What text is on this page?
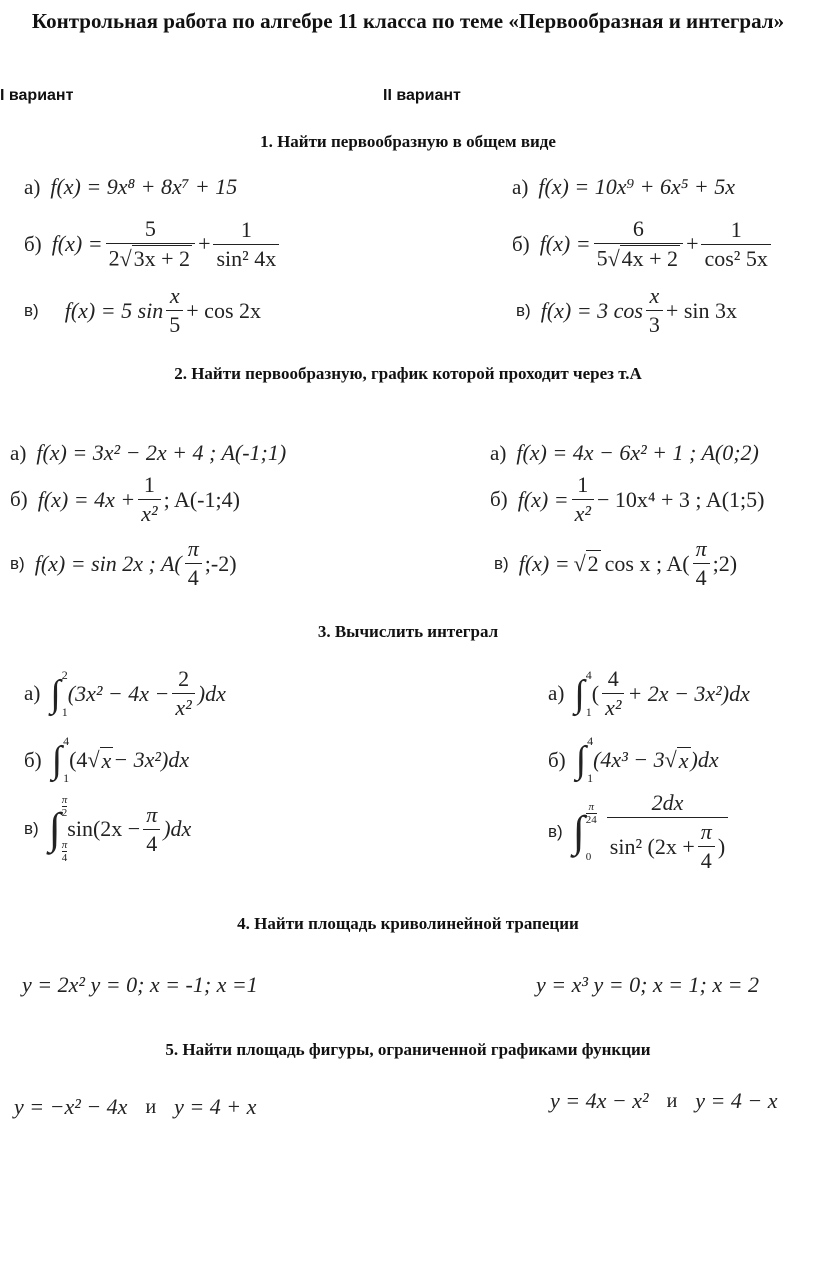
Контрольная работа по алгебре 11 класса по теме «Первообразная и интеграл»
I вариант	II вариант
1. Найти первообразную в общем виде
а) f(x) = 9x⁸ + 8x⁷ + 15
б) $f(x) = \frac{5}{2√ 3x + 2} + \frac{1}{\text{sin² 4x}}$
в) f(x) = 5 $\sin \frac{x}{5} + \cos 2x$
а) f(x) = 10x⁹ + 6x⁵ + 5x
б) $f(x) = \frac{6}{5√ 4x + 2} + \frac{1}{\text{cos² 5x}}$
в) f(x) = 3 $\cos \frac{x}{3} + \sin 3x$
2. Найти первообразную, график которой проходит через т.А
а) f(x) = 3x² − 2x + 4 ; A(-1;1)
б) $f(x) = 4x + \frac{1}{\text{x²}}$ ; A(-1;4)
в) f(x) = sin 2x ; $A( \frac{\pi}{4}$ ;-2)
а) f(x) = 4x − 6x² + 1 ; A(0;2)
б) $f(x) = \frac{1}{\text{x²}} - 10x^4 + 3$ ; A(1;5)
в) f(x) = √ 2 cos x ; $A( \frac{\pi}{4}$ ;2)
3. Вычислить интеграл
а) ∫ 2
1
$(3x^2 - 4x - \frac{2}{\text{x²}} )dx$
б) ∫ 4
1
(4 √ x − 3x²)dx
в) ∫ $\frac{\pi}{2}$
$\frac{\pi}{4}$
$\sin(2x - \frac{\pi}{4} )dx$
а) ∫ 4
1
( $\frac{4}{\text{x²}} + 2x - 3x^2)dx$
б) ∫ 4
1
(4x³ − 3 √ x )dx
в) ∫ $\frac{\pi}{24}$
$0 \frac{2dx}{\sin^2 (2x + \frac{\pi}{4} )}$
4. Найти площадь криволинейной трапеции
y = 2x² y = 0; x = -1; x =1	y = x³ y = 0; x = 1; x = 2
5. Найти площадь фигуры, ограниченной графиками функции
y = −x² − 4x и y = 4 + x	y = 4x − x² и y = 4 − x
